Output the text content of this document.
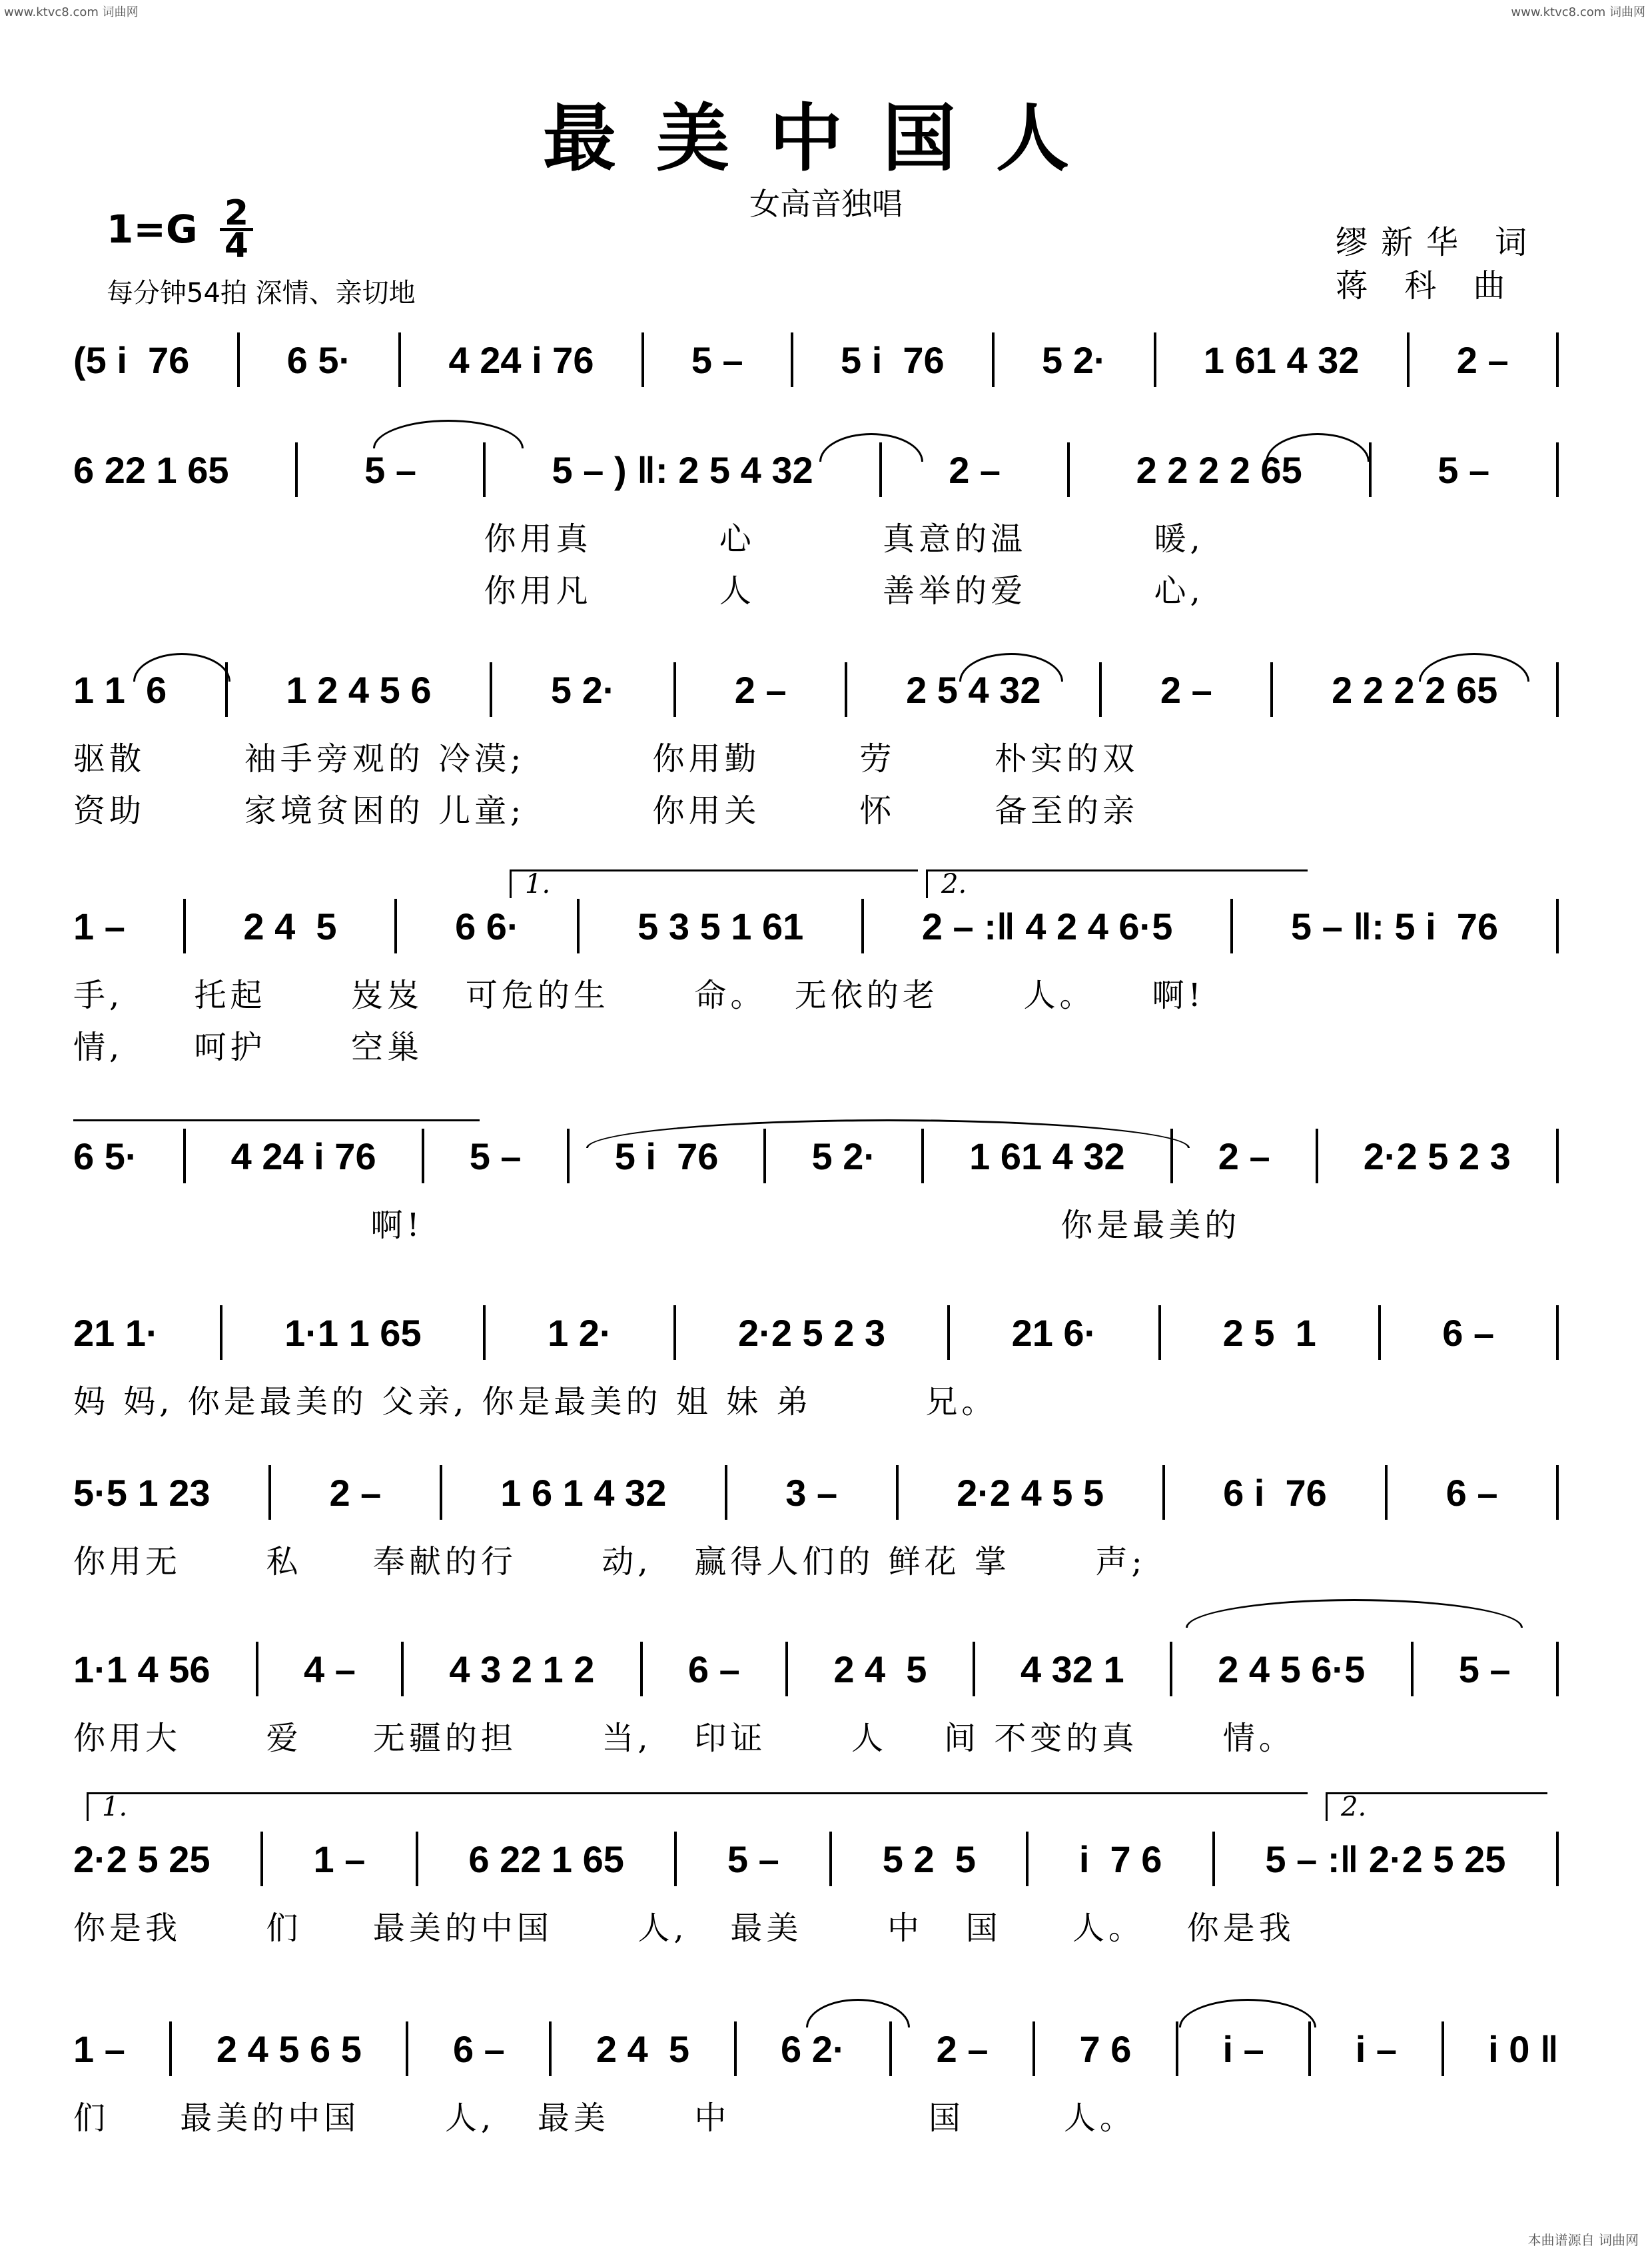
www.ktvc8.com 词曲网	www.ktvc8.com 词曲网
最美中国人
女高音独唱
1=G 2
4
每分钟54拍 深情、亲切地
缪新华 词
蒋 科 曲
(5 i  76	6 5·	4 24 i 76	5 –	5 i  76	5 2·	1 61 4 32	2 –
6 22 1 65	5 –	5 – ) ‖: 2 5 4 32	2 –	2 2 2 2 65	5 –
1 1  6	1 2 4 5 6	5 2·	2 –	2 5 4 32	2 –	2 2 2 2 65
1 –	2 4  5	6 6·	5 3 5 1 61	2 – :‖ 4 2 4 6·5	5 – ‖: 5 i  76
6 5·	4 24 i 76	5 –	5 i  76	5 2·	1 61 4 32	2 –	2·2 5 2 3
21 1·	1·1 1 65	1 2·	2·2 5 2 3	21 6·	2 5  1	6 –
5·5 1 23	2 –	1 6 1 4 32	3 –	2·2 4 5 5	6 i  76	6 –
1·1 4 56	4 –	4 3 2 1 2	6 –	2 4  5	4 32 1	2 4 5 6·5	5 –
2·2 5 25	1 –	6 22 1 65	5 –	5 2  5	i  7 6	5 – :‖ 2·2 5 25
1 – 2 4 5 6 5 6 – 2 4  5 6 2· 2 – 7 6 i – i – i 0 ‖
1.	2.
1.	2.
本曲谱源自 词曲网
你用真         心         真意的温         暖,
你用凡         人         善举的爱         心,
驱散       袖手旁观的 冷漠;         你用勤       劳       朴实的双
资助       家境贫困的 儿童;         你用关       怀       备至的亲
手,     托起      岌岌   可危的生      命。  无依的老      人。    啊!
情,     呵护      空巢
啊!                                             你是最美的
妈 妈, 你是最美的 父亲, 你是最美的 姐 妹 弟        兄。
你用无      私     奉献的行      动,   赢得人们的 鲜花 掌      声;
你用大      爱     无疆的担      当,   印证      人    间 不变的真      情。
你是我      们     最美的中国      人,   最美      中   国     人。   你是我
们     最美的中国      人,   最美      中              国       人。
